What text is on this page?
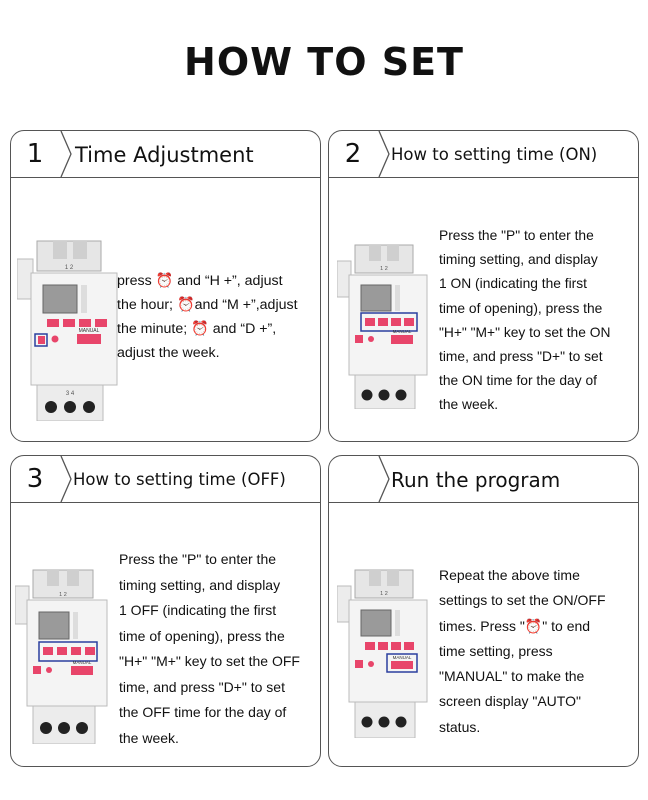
HOW TO SET
1	Time Adjustment
1 2
MANUAL
3 4
press ⏰ and “H +”, adjust
the hour; ⏰and “M +”,adjust
the minute; ⏰ and “D +”,
adjust the week.
2	How to setting time (ON)
1 2
MANUAL
Press the "P" to enter the
timing setting, and display
1 ON (indicating the first
time of opening), press the
"H+" "M+" key to set the ON
time, and press "D+" to set
the ON time for the day of
the week.
3	How to setting time (OFF)
1 2
MANUAL
Press the "P" to enter the
timing setting, and display
1 OFF (indicating the first
time of opening), press the
"H+" "M+" key to set the OFF
time, and press "D+" to set
the OFF time for the day of
the week.
Run the program
1 2
MANUAL
Repeat the above time
settings to set the ON/OFF
times. Press "⏰" to end
time setting, press
"MANUAL" to make the
screen display "AUTO"
status.
